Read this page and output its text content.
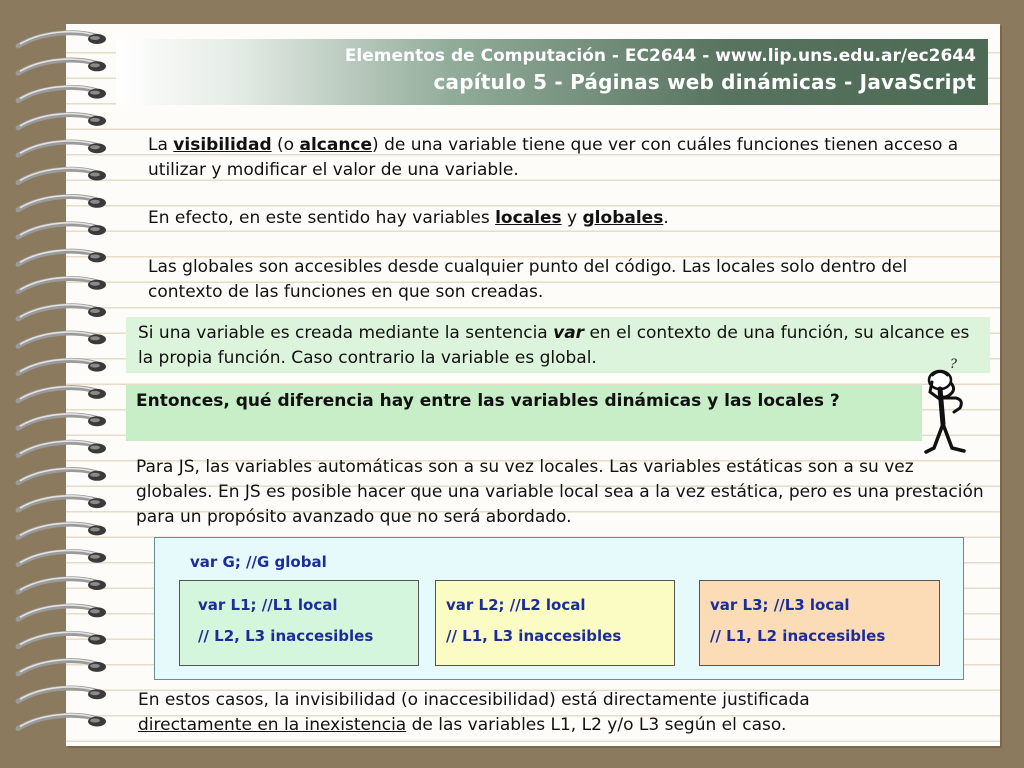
Elementos de Computación - EC2644 - www.lip.uns.edu.ar/ec2644
capítulo 5 - Páginas web dinámicas - JavaScript
La visibilidad (o alcance) de una variable tiene que ver con cuáles funciones tienen acceso a utilizar y modificar el valor de una variable.
En efecto, en este sentido hay variables locales y globales.
Las globales son accesibles desde cualquier punto del código. Las locales solo dentro del contexto de las funciones en que son creadas.
Si una variable es creada mediante la sentencia var en el contexto de una función, su alcance es la propia función. Caso contrario la variable es global.
Entonces, qué diferencia hay entre las variables dinámicas y las locales ?
?
Para JS, las variables automáticas son a su vez locales. Las variables estáticas son a su vez globales. En JS es posible hacer que una variable local sea a la vez estática, pero es una prestación para un propósito avanzado que no será abordado.
var G; //G global
var L1; //L1 local
// L2, L3 inaccesibles
var L2; //L2 local
// L1, L3 inaccesibles
var L3; //L3 local
// L1, L2 inaccesibles
En estos casos, la invisibilidad (o inaccesibilidad) está directamente justificada
directamente en la inexistencia de las variables L1, L2 y/o L3 según el caso.
